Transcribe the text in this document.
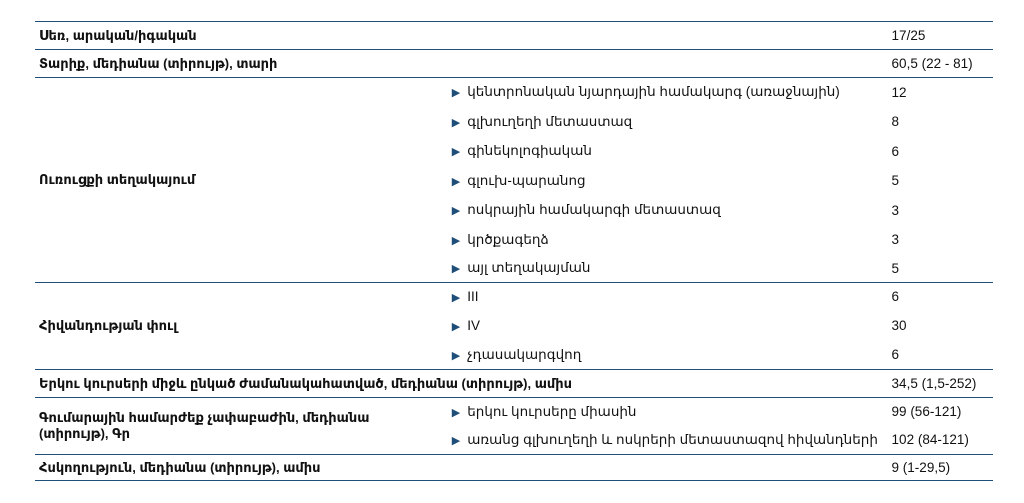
Սեռ, արական/իգական		17/25
Տարիք, մեդիանա (տիրույթ), տարի		60,5 (22 - 81)
Ուռուցքի տեղակայում	▶ կենտրոնական նյարդային համակարգ (առաջնային)	12
	▶ գլխուղեղի մետաստազ	8
	▶ գինեկոլոգիական	6
	▶ գլուխ-պարանոց	5
	▶ ոսկրային համակարգի մետաստազ	3
	▶ կրծքագեղձ	3
	▶ այլ տեղակայման	5
Հիվանդության փուլ	▶ III	6
	▶ IV	30
	▶ չդասակարգվող	6
Երկու կուրսերի միջև ընկած ժամանակահատված, մեդիանա (տիրույթ), ամիս		34,5 (1,5-252)
Գումարային համարժեք չափաբաժին, մեդիանա (տիրույթ), Գր	▶ երկու կուրսերը միասին	99 (56-121)
	▶ առանց գլխուղեղի և ոսկրերի մետաստազով հիվանդների	102 (84-121)
Հսկողություն, մեդիանա (տիրույթ), ամիս		9 (1-29,5)
